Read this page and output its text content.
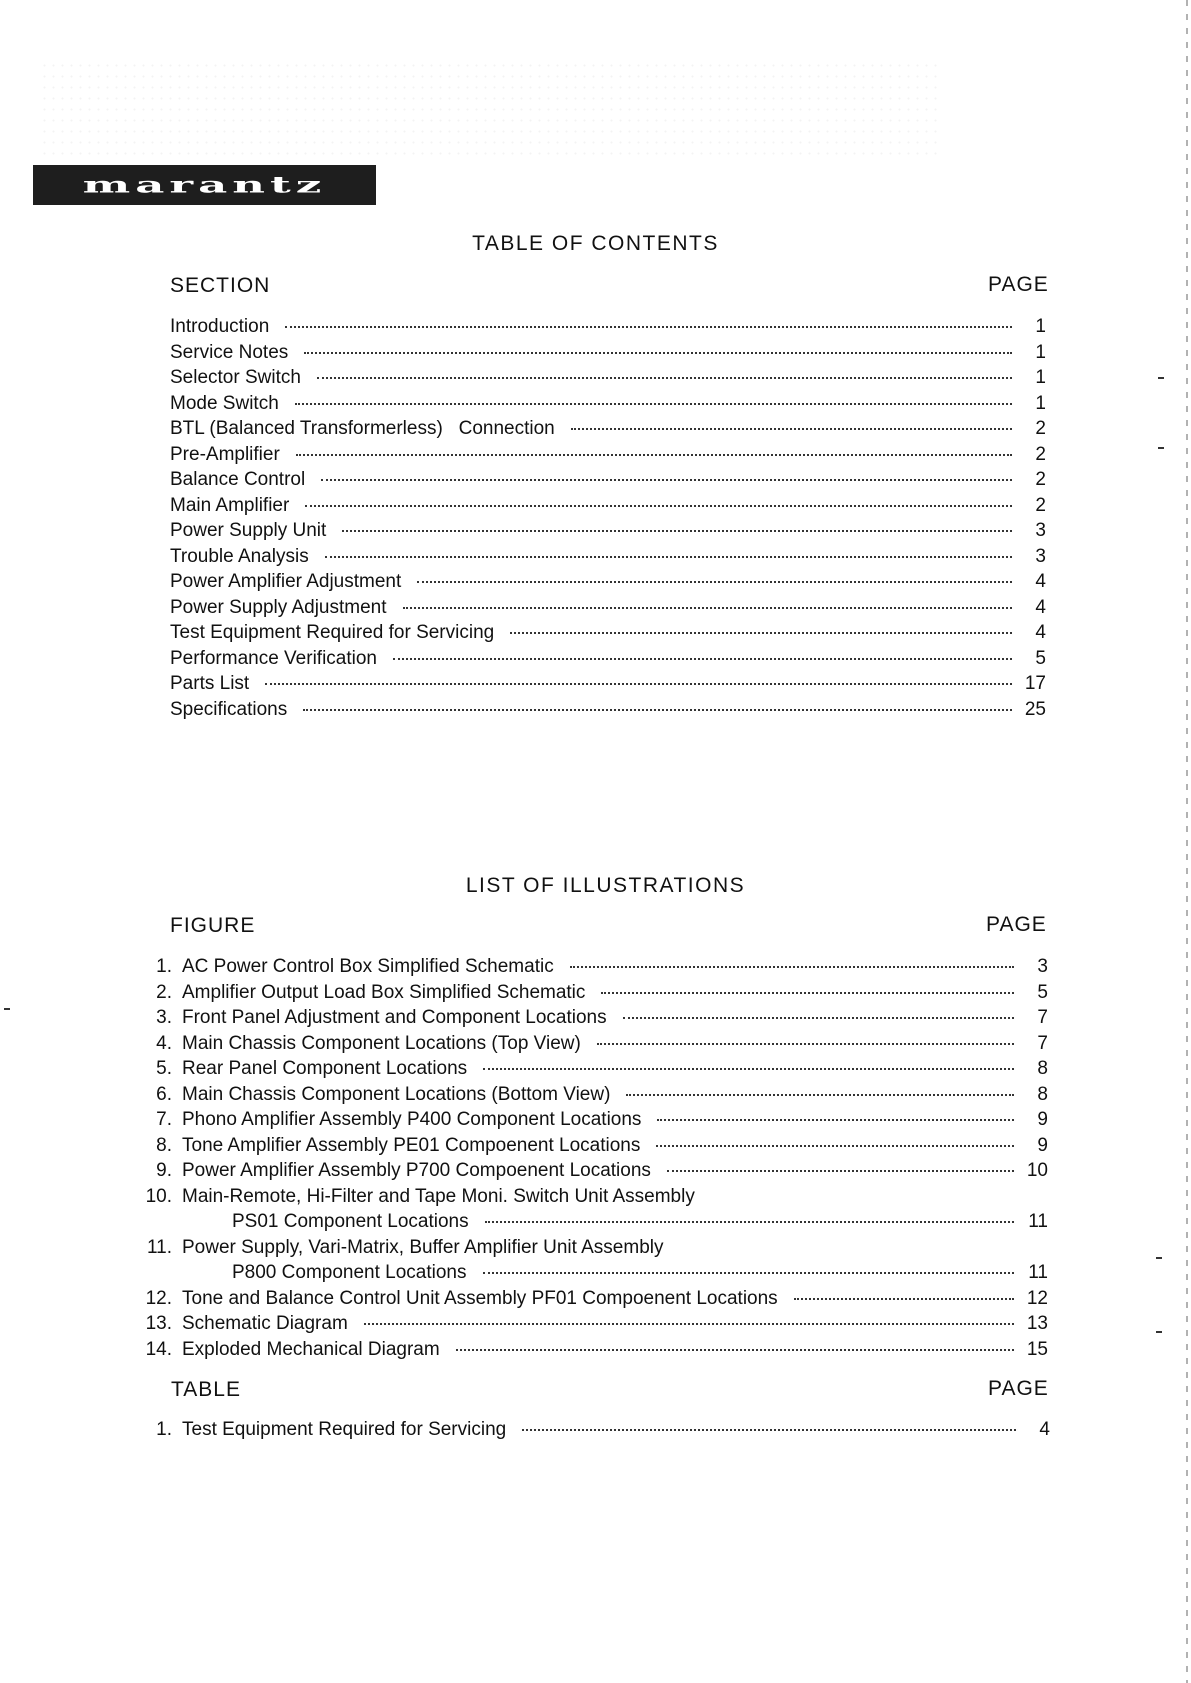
marantz
TABLE OF CONTENTS
SECTION	PAGE
Introduction	1
Service Notes	1
Selector Switch	1
Mode Switch	1
BTL (Balanced Transformerless)   Connection	2
Pre-Amplifier	2
Balance Control	2
Main Amplifier	2
Power Supply Unit	3
Trouble Analysis	3
Power Amplifier Adjustment	4
Power Supply Adjustment	4
Test Equipment Required for Servicing	4
Performance Verification	5
Parts List	17
Specifications	25
LIST OF ILLUSTRATIONS
FIGURE	PAGE
1. AC Power Control Box Simplified Schematic	3
2. Amplifier Output Load Box Simplified Schematic	5
3. Front Panel Adjustment and Component Locations	7
4. Main Chassis Component Locations (Top View)	7
5. Rear Panel Component Locations	8
6. Main Chassis Component Locations (Bottom View)	8
7. Phono Amplifier Assembly P400 Component Locations	9
8. Tone Amplifier Assembly PE01 Compoenent Locations	9
9. Power Amplifier Assembly P700 Compoenent Locations	10
10. Main-Remote, Hi-Filter and Tape Moni. Switch Unit Assembly
PS01 Component Locations	11
11. Power Supply, Vari-Matrix, Buffer Amplifier Unit Assembly
P800 Component Locations	11
12. Tone and Balance Control Unit Assembly PF01 Compoenent Locations	12
13. Schematic Diagram	13
14. Exploded Mechanical Diagram	15
TABLE	PAGE
1. Test Equipment Required for Servicing	4
